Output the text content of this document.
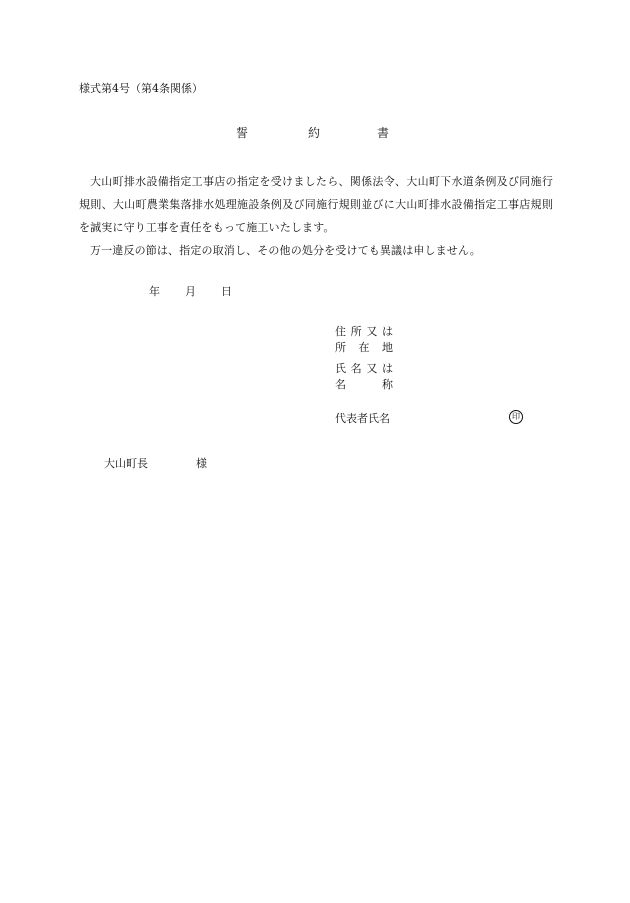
様式第4号（第4条関係）
誓	約	書

大山町排水設備指定工事店の指定を受けましたら、関係法令、大山町下水道条例及び同施行規則、大山町農業集落排水処理施設条例及び同施行規則並びに大山町排水設備指定工事店規則を誠実に守り工事を責任をもって施工いたします。

万一違反の節は、指定の取消し、その他の処分を受けても異議は申しません。

年 月 日
住 所 又 は
所 在 地
氏 名 又 は
名	称
代表者氏名	印
大山町長	様
